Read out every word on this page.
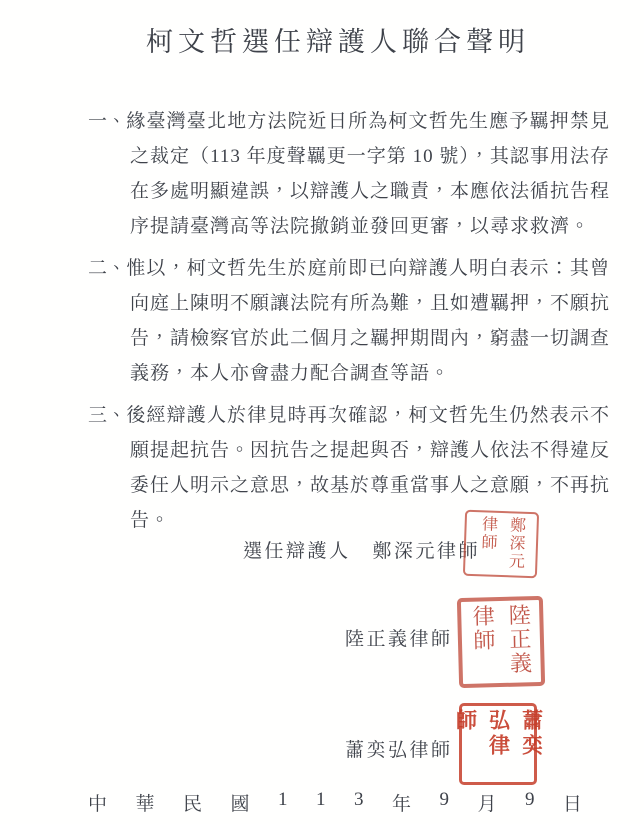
柯文哲選任辯護人聯合聲明

一、緣臺灣臺北地方法院近日所為柯文哲先生應予羈押禁見之裁定（113 年度聲羈更一字第 10 號），其認事用法存在多處明顯違誤，以辯護人之職責，本應依法循抗告程序提請臺灣高等法院撤銷並發回更審，以尋求救濟。

二、惟以，柯文哲先生於庭前即已向辯護人明白表示：其曾向庭上陳明不願讓法院有所為難，且如遭羈押，不願抗告，請檢察官於此二個月之羈押期間內，窮盡一切調查義務，本人亦會盡力配合調查等語。

三、後經辯護人於律見時再次確認，柯文哲先生仍然表示不願提起抗告。因抗告之提起與否，辯護人依法不得違反委任人明示之意思，故基於尊重當事人之意願，不再抗告。

選任辯護人 鄭深元律師	鄭深元律師
陸正義律師	陸正義律師
蕭奕弘律師	蕭奕弘律師
中 華 民 國 1 1 3 年 9 月 9 日
